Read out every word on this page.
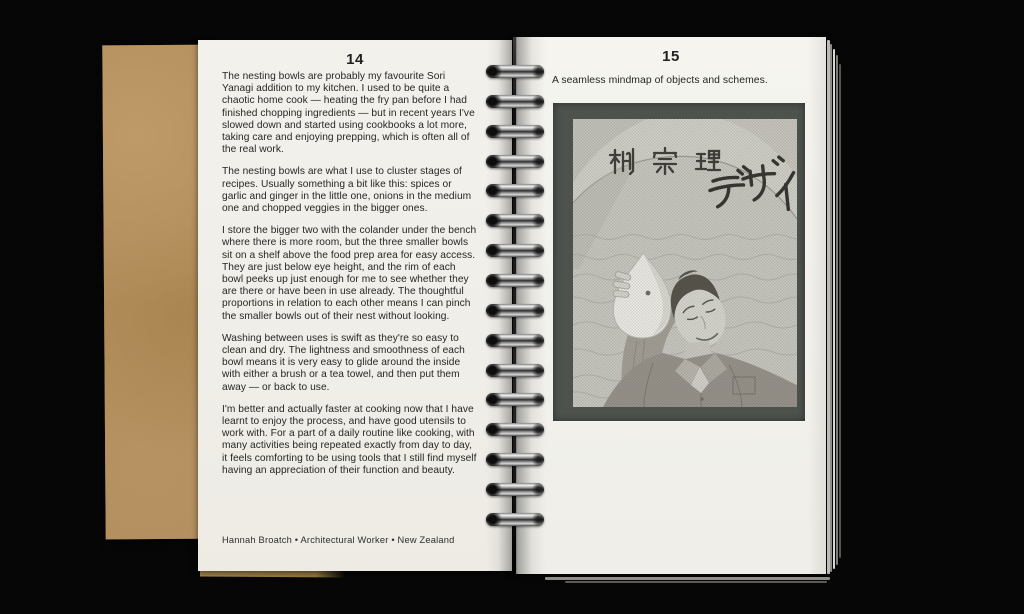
14

The nesting bowls are probably my favourite Sori Yanagi addition to my kitchen. I used to be quite a chaotic home cook — heating the fry pan before I had finished chopping ingredients — but in recent years I've slowed down and started using cookbooks a lot more, taking care and enjoying prepping, which is often all of the real work.

The nesting bowls are what I use to cluster stages of recipes. Usually something a bit like this: spices or garlic and ginger in the little one, onions in the medium one and chopped veggies in the bigger ones.

I store the bigger two with the colander under the bench where there is more room, but the three smaller bowls sit on a shelf above the food prep area for easy access. They are just below eye height, and the rim of each bowl peeks up just enough for me to see whether they are there or have been in use already. The thoughtful proportions in relation to each other means I can pinch the smaller bowls out of their nest without looking.

Washing between uses is swift as they're so easy to clean and dry. The lightness and smoothness of each bowl means it is very easy to glide around the inside with either a brush or a tea towel, and then put them away — or back to use.

I'm better and actually faster at cooking now that I have learnt to enjoy the process, and have good utensils to work with. For a part of a daily routine like cooking, with many activities being repeated exactly from day to day, it feels comforting to be using tools that I still find myself having an appreciation of their function and beauty.

Hannah Broatch • Architectural Worker • New Zealand
15
A seamless mindmap of objects and schemes.
